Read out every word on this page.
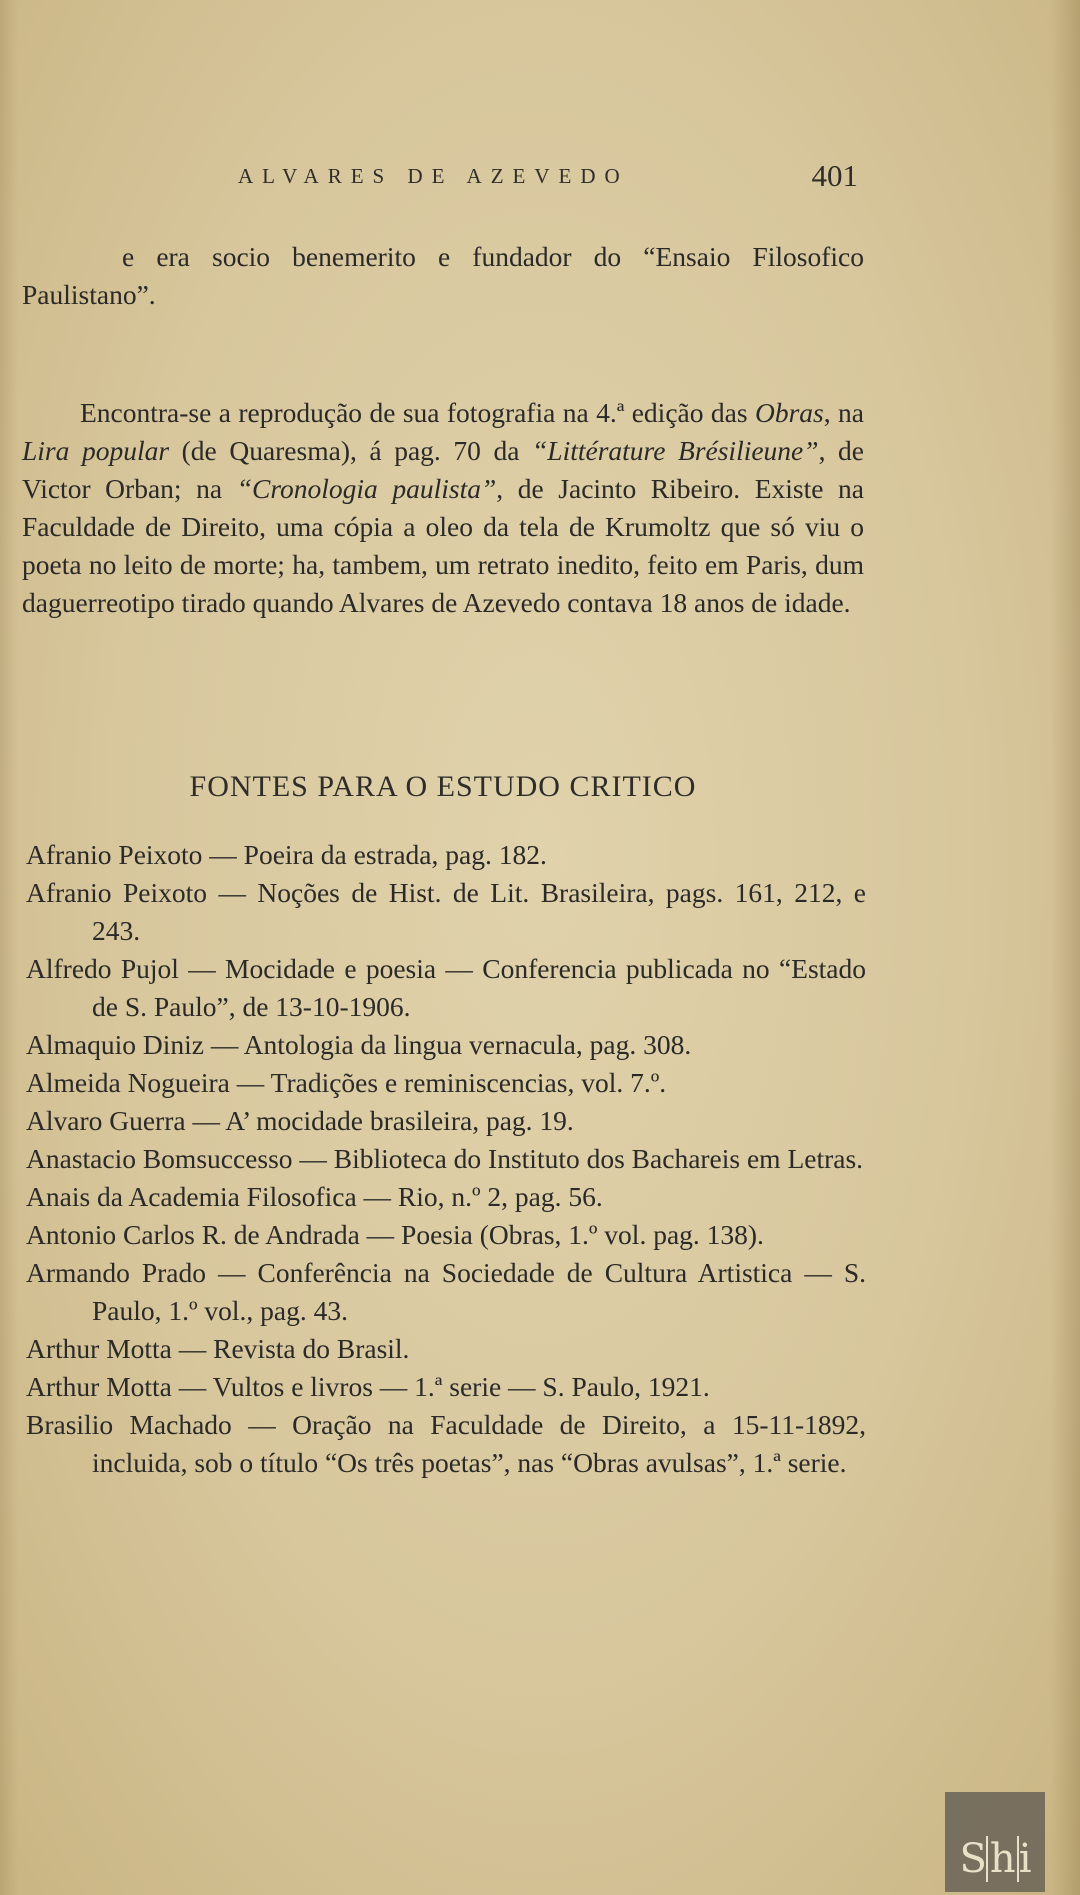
ALVARES DE AZEVEDO	401

e era socio benemerito e fundador do “Ensaio Filosofico Paulistano”.

Encontra-se a reprodução de sua fotografia na 4.ª edição das Obras, na Lira popular (de Quaresma), á pag. 70 da “Littérature Brésilieune”, de Victor Orban; na “Cronologia paulista”, de Jacinto Ribeiro. Existe na Faculdade de Direito, uma cópia a oleo da tela de Krumoltz que só viu o poeta no leito de morte; ha, tambem, um retrato inedito, feito em Paris, dum daguerreotipo tirado quando Alvares de Azevedo contava 18 anos de idade.

FONTES PARA O ESTUDO CRITICO
Afranio Peixoto — Poeira da estrada, pag. 182.
Afranio Peixoto — Noções de Hist. de Lit. Brasileira, pags. 161, 212, e 243.
Alfredo Pujol — Mocidade e poesia — Conferencia publicada no “Estado de S. Paulo”, de 13-10-1906.
Almaquio Diniz — Antologia da lingua vernacula, pag. 308.
Almeida Nogueira — Tradições e reminiscencias, vol. 7.º.
Alvaro Guerra — A’ mocidade brasileira, pag. 19.
Anastacio Bomsuccesso — Biblioteca do Instituto dos Bachareis em Letras.
Anais da Academia Filosofica — Rio, n.º 2, pag. 56.
Antonio Carlos R. de Andrada — Poesia (Obras, 1.º vol. pag. 138).
Armando Prado — Conferência na Sociedade de Cultura Artistica — S. Paulo, 1.º vol., pag. 43.
Arthur Motta — Revista do Brasil.
Arthur Motta — Vultos e livros — 1.ª serie — S. Paulo, 1921.
Brasilio Machado — Oração na Faculdade de Direito, a 15-11-1892, incluida, sob o título “Os três poetas”, nas “Obras avulsas”, 1.ª serie.
S h i
